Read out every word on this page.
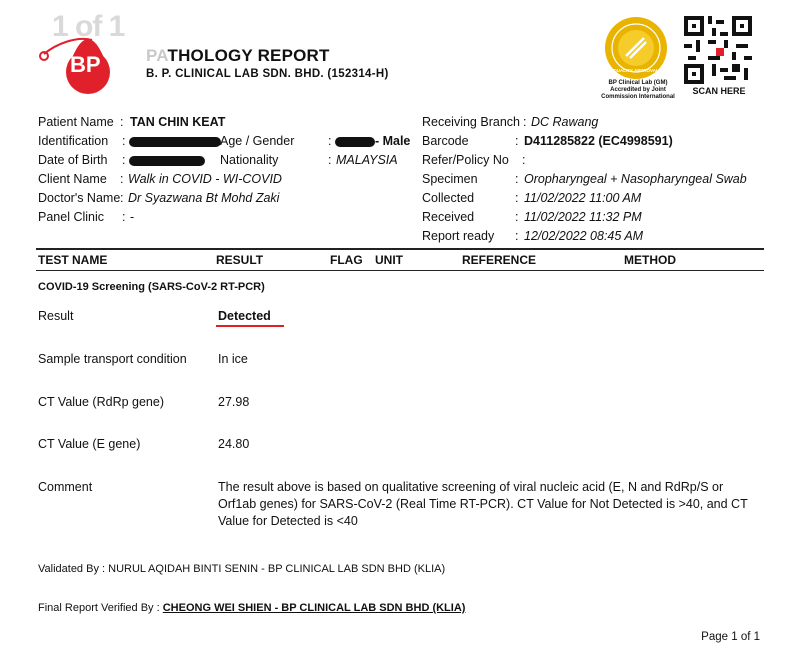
BP
1 of 1
PATHOLOGY REPORT
B. P. CLINICAL LAB SDN. BHD. (152314-H)	QUALITY APPROVAL
BP Clinical Lab (GM) Accredited by Joint Commission International
SCAN HERE
Patient Name : TAN CHIN KEAT
Identification :	Age / Gender	:	- Male
Date of Birth :	Nationality	: MALAYSIA
Client Name : Walk in COVID - WI-COVID
Doctor's Name : Dr Syazwana Bt Mohd Zaki
Panel Clinic : -
Receiving Branch : DC Rawang
Barcode	: D411285822 (EC4998591)
Refer/Policy No :
Specimen	: Oropharyngeal + Nasopharyngeal Swab
Collected	: 11/02/2022 11:00 AM
Received	: 11/02/2022 11:32 PM
Report ready : 12/02/2022 08:45 AM
TEST NAME	RESULT	FLAG UNIT	REFERENCE	METHOD
COVID-19 Screening (SARS-CoV-2 RT-PCR)
Result	Detected
Sample transport condition	In ice
CT Value (RdRp gene)	27.98
CT Value (E gene)	24.80
Comment	The result above is based on qualitative screening of viral nucleic acid (E, N and RdRp/S or Orf1ab genes) for SARS-CoV-2 (Real Time RT-PCR). CT Value for Not Detected is >40, and CT Value for Detected is <40
Validated By : NURUL AQIDAH BINTI SENIN - BP CLINICAL LAB SDN BHD (KLIA)
Final Report Verified By : CHEONG WEI SHIEN - BP CLINICAL LAB SDN BHD (KLIA)
Page 1 of 1
